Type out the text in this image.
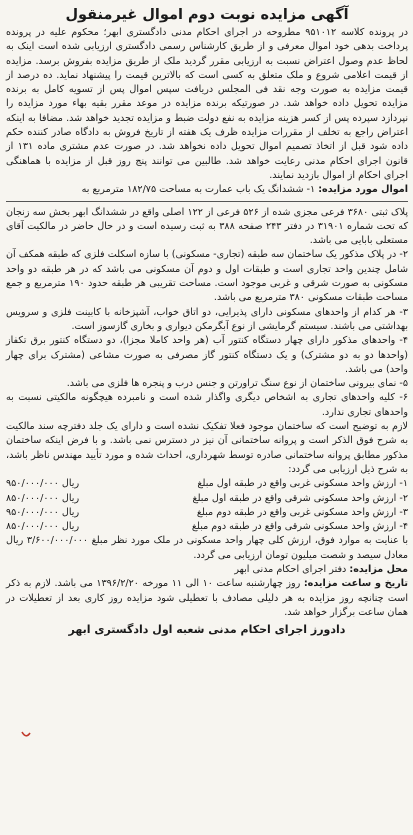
آگهی مزایده نوبت دوم اموال غیرمنقول

در پرونده کلاسه ۹۵۱۰۱۲ مطروحه در اجرای احکام مدنی دادگستری ابهر؛ محکوم علیه در پرونده پرداخت بدهی خود اموال معرفی و از طریق کارشناس رسمی دادگستری ارزیابی شده است اینک به لحاظ عدم وصول اعتراض نسبت به ارزیابی مقرر گردید ملک از طریق مزایده بفروش برسد. مزایده از قیمت اعلامی شروع و ملک متعلق به کسی است که بالاترین قیمت را پیشنهاد نماید. ده درصد از قیمت مزایده به صورت وجه نقد فی المجلس دریافت سپس اموال پس از تسویه کامل به برنده مزایده تحویل داده خواهد شد. در صورتیکه برنده مزایده در موعد مقرر بقیه بهاء مورد مزایده را نپردازد سپرده پس از کسر هزینه مزایده به نفع دولت ضبط و مزایده تجدید خواهد شد. مضافا به اینکه اعتراض راجع به تخلف از مقررات مزایده ظرف یک هفته از تاریخ فروش به دادگاه صادر کننده حکم داده شود قبل از اتخاذ تصمیم اموال تحویل داده نخواهد شد. در صورت عدم مشتری ماده ۱۳۱ از قانون اجرای احکام مدنی رعایت خواهد شد. طالبین می توانند پنج روز قبل از مزایده با هماهنگی اجرای احکام از اموال بازدید نمایند.

اموال مورد مزایده: ۱- ششدانگ یک باب عمارت به مساحت ۱۸۲/۷۵ مترمربع به

پلاک ثبتی ۳۶۸۰ فرعی مجزی شده از ۵۲۶ فرعی از ۱۲۲ اصلی واقع در ششدانگ ابهر بخش سه زنجان که تحت شماره ۳۱۹۰۱ در دفتر ۲۴۳ صفحه ۳۸۸ به ثبت رسیده است و در حال حاضر در مالکیت آقای مستعلی بابایی می باشد.

۲- در پلاک مذکور یک ساختمان سه طبقه (تجاری- مسکونی) با سازه اسکلت فلزی که طبقه همکف آن شامل چندین واحد تجاری است و طبقات اول و دوم آن مسکونی می باشد که در هر طبقه دو واحد مسکونی به صورت شرقی و غربی موجود است. مساحت تقریبی هر طبقه حدود ۱۹۰ مترمربع و جمع مساحت طبقات مسکونی ۳۸۰ مترمربع می باشد.

۳- هر کدام از واحدهای مسکونی دارای پذیرایی، دو اتاق خواب، آشپزخانه با کابینت فلزی و سرویس بهداشتی می باشند. سیستم گرمایشی از نوع آبگرمکن دیواری و بخاری گازسوز است.

۴- واحدهای مذکور دارای چهار دستگاه کنتور آب (هر واحد کاملا مجزا)، دو دستگاه کنتور برق تکفاز (واحدها دو به دو مشترک) و یک دستگاه کنتور گاز مصرفی به صورت مشاعی (مشترک برای چهار واحد) می باشد.

۵- نمای بیرونی ساختمان از نوع سنگ تراورتن و جنس درب و پنجره ها فلزی می باشد.

۶- کلیه واحدهای تجاری به اشخاص دیگری واگذار شده است و نامبرده هیچگونه مالکیتی نسبت به واحدهای تجاری ندارد.

لازم به توضیح است که ساختمان موجود فعلا تفکیک نشده است و دارای یک جلد دفترچه سند مالکیت به شرح فوق الذکر است و پروانه ساختمانی آن نیز در دسترس نمی باشد. و با فرض اینکه ساختمان مذکور مطابق پروانه ساختمانی صادره توسط شهرداری، احداث شده و مورد تأیید مهندس ناظر باشد، به شرح ذیل ارزیابی می گردد:

۱- ارزش واحد مسکونی غربی واقع در طبقه اول مبلغ
۹۵۰/۰۰۰/۰۰۰ ریال
۲- ارزش واحد مسکونی شرقی واقع در طبقه اول مبلغ
۸۵۰/۰۰۰/۰۰۰ ریال
۳- ارزش واحد مسکونی غربی واقع در طبقه دوم مبلغ
۹۵۰/۰۰۰/۰۰۰ ریال
۴- ارزش واحد مسکونی شرقی واقع در طبقه دوم مبلغ
۸۵۰/۰۰۰/۰۰۰ ریال

با عنایت به موارد فوق، ارزش کلی چهار واحد مسکونی در ملک مورد نظر مبلغ ۳/۶۰۰/۰۰۰/۰۰۰ ریال معادل سیصد و شصت میلیون تومان ارزیابی می گردد.

محل مزایده: دفتر اجرای احکام مدنی ابهر

تاریخ و ساعت مزایده: روز چهارشنبه ساعت ۱۰ الی ۱۱ مورخه ۱۳۹۶/۲/۲۰ می باشد. لازم به ذکر است چنانچه روز مزایده به هر دلیلی مصادف با تعطیلی شود مزایده روز کاری بعد از تعطیلات در همان ساعت برگزار خواهد شد.

دادورز اجرای احکام مدنی شعبه اول دادگستری ابهر
